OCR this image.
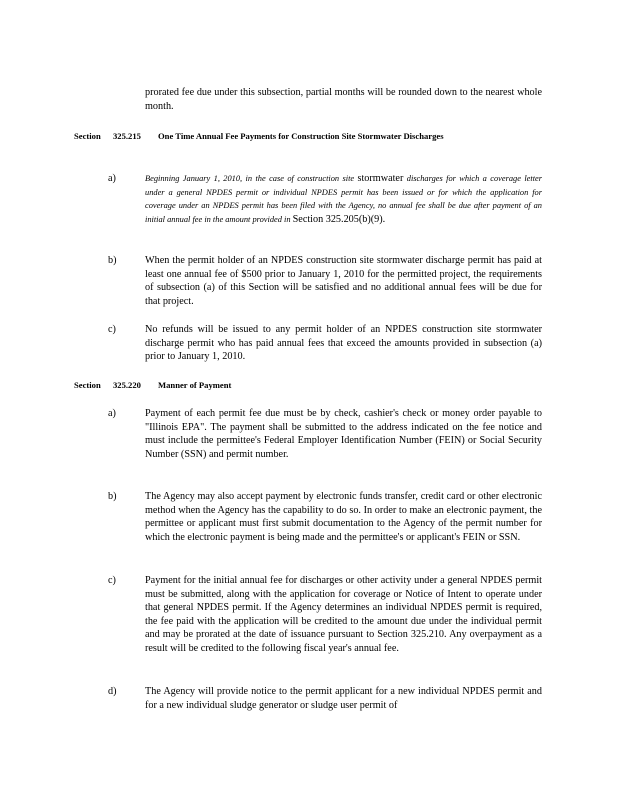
prorated fee due under this subsection, partial months will be rounded down to the nearest whole month.
Section 325.215 One Time Annual Fee Payments for Construction Site Stormwater Discharges
a)	Beginning January 1, 2010, in the case of construction site stormwater discharges for which a coverage letter under a general NPDES permit or individual NPDES permit has been issued or for which the application for coverage under an NPDES permit has been filed with the Agency, no annual fee shall be due after payment of an initial annual fee in the amount provided in Section 325.205(b)(9).
b)	When the permit holder of an NPDES construction site stormwater discharge permit has paid at least one annual fee of $500 prior to January 1, 2010 for the permitted project, the requirements of subsection (a) of this Section will be satisfied and no additional annual fees will be due for that project.
c)	No refunds will be issued to any permit holder of an NPDES construction site stormwater discharge permit who has paid annual fees that exceed the amounts provided in subsection (a) prior to January 1, 2010.
Section 325.220 Manner of Payment
a)	Payment of each permit fee due must be by check, cashier's check or money order payable to "Illinois EPA". The payment shall be submitted to the address indicated on the fee notice and must include the permittee's Federal Employer Identification Number (FEIN) or Social Security Number (SSN) and permit number.
b)	The Agency may also accept payment by electronic funds transfer, credit card or other electronic method when the Agency has the capability to do so. In order to make an electronic payment, the permittee or applicant must first submit documentation to the Agency of the permit number for which the electronic payment is being made and the permittee's or applicant's FEIN or SSN.
c)	Payment for the initial annual fee for discharges or other activity under a general NPDES permit must be submitted, along with the application for coverage or Notice of Intent to operate under that general NPDES permit. If the Agency determines an individual NPDES permit is required, the fee paid with the application will be credited to the amount due under the individual permit and may be prorated at the date of issuance pursuant to Section 325.210. Any overpayment as a result will be credited to the following fiscal year's annual fee.
d)	The Agency will provide notice to the permit applicant for a new individual NPDES permit and for a new individual sludge generator or sludge user permit of
